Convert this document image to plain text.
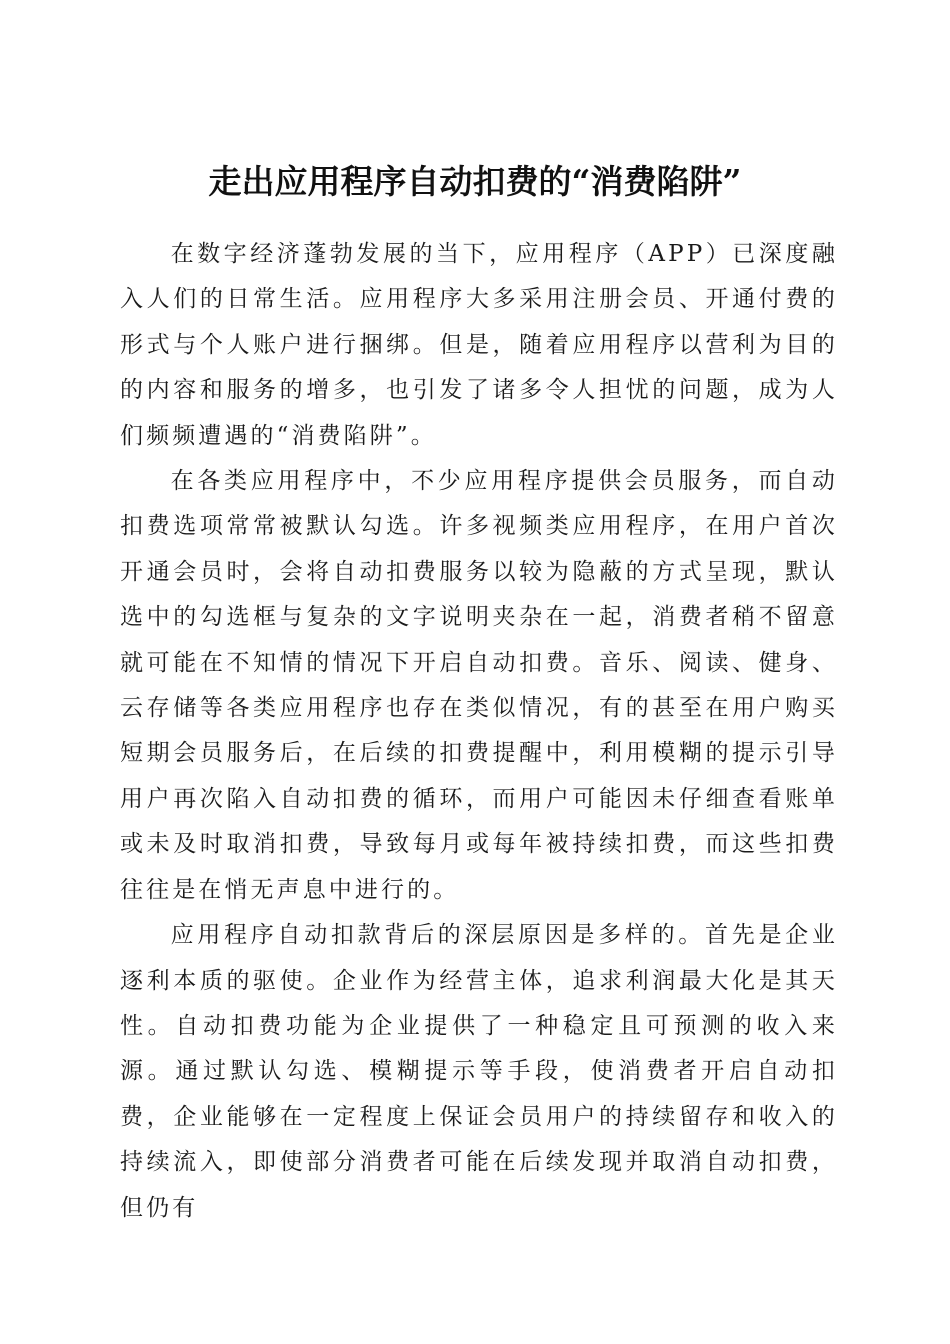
走出应用程序自动扣费的“消费陷阱”

在数字经济蓬勃发展的当下，应用程序（APP）已深度融入人们的日常生活。应用程序大多采用注册会员、开通付费的形式与个人账户进行捆绑。但是，随着应用程序以营利为目的的内容和服务的增多，也引发了诸多令人担忧的问题，成为人们频频遭遇的“消费陷阱”。

在各类应用程序中，不少应用程序提供会员服务，而自动扣费选项常常被默认勾选。许多视频类应用程序，在用户首次开通会员时，会将自动扣费服务以较为隐蔽的方式呈现，默认选中的勾选框与复杂的文字说明夹杂在一起，消费者稍不留意就可能在不知情的情况下开启自动扣费。音乐、阅读、健身、云存储等各类应用程序也存在类似情况，有的甚至在用户购买短期会员服务后，在后续的扣费提醒中，利用模糊的提示引导用户再次陷入自动扣费的循环，而用户可能因未仔细查看账单或未及时取消扣费，导致每月或每年被持续扣费，而这些扣费往往是在悄无声息中进行的。

应用程序自动扣款背后的深层原因是多样的。首先是企业逐利本质的驱使。企业作为经营主体，追求利润最大化是其天性。自动扣费功能为企业提供了一种稳定且可预测的收入来源。通过默认勾选、模糊提示等手段，使消费者开启自动扣费，企业能够在一定程度上保证会员用户的持续留存和收入的持续流入，即使部分消费者可能在后续发现并取消自动扣费，但仍有
